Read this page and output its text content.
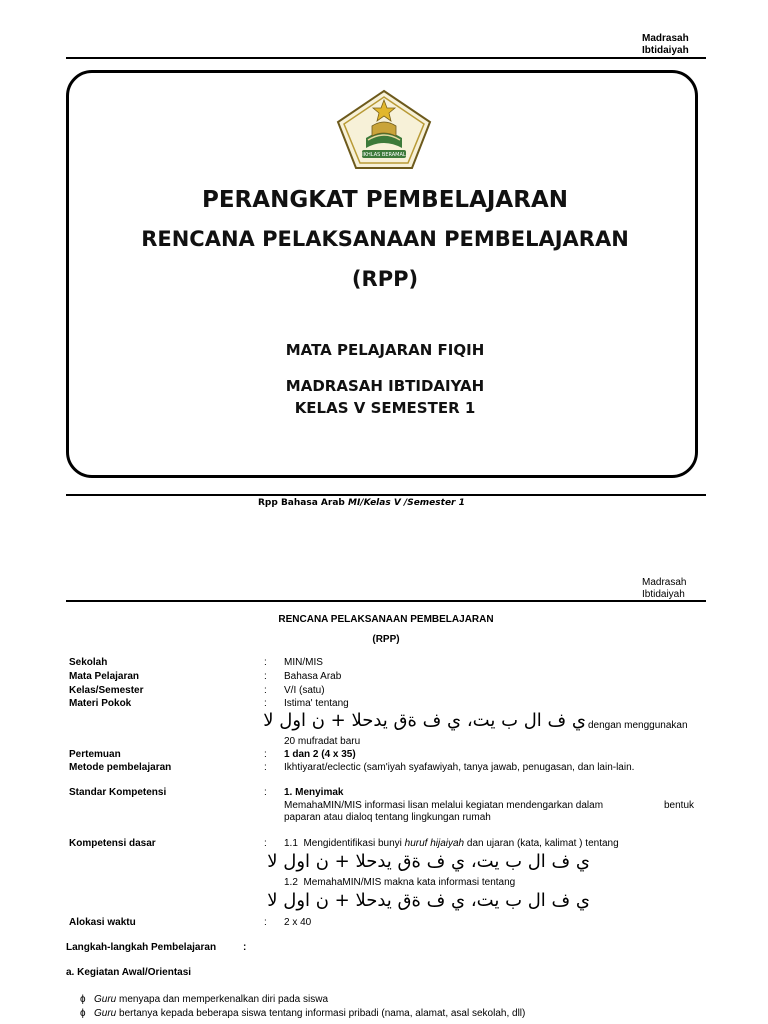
Madrasah
Ibtidaiyah
PERANGKAT PEMBELAJARAN
RENCANA PELAKSANAAN PEMBELAJARAN
(RPP)
MATA PELAJARAN FIQIH
MADRASAH IBTIDAIYAH
KELAS V SEMESTER 1
IKHLAS BERAMAL
Rpp Bahasa Arab MI/Kelas V /Semester 1
Madrasah
Ibtidaiyah
RENCANA PELAKSANAAN PEMBELAJARAN
(RPP)
Sekolah	: MIN/MIS
Mata Pelajaran	: Bahasa Arab
Kelas/Semester	: V/I (satu)
Materi Pokok	: Istima' tentang
ي ف ال ب يت، ي ف ةق يدحلا + ن اول لا dengan menggunakan
20 mufradat baru
Pertemuan	: 1 dan 2 (4 x 35)
Metode pembelajaran	: Ikhtiyarat/eclectic (sam'iyah syafawiyah, tanya jawab, penugasan, dan lain-lain.
Standar Kompetensi	: 1. Menyimak
MemahaMIN/MIS informasi lisan melalui kegiatan mendengarkan dalam	bentuk
paparan atau dialoq tentang lingkungan rumah
Kompetensi dasar	: 1.1 Mengidentifikasi bunyi huruf hijaiyah dan ujaran (kata, kalimat ) tentang
ي ف ال ب يت، ي ف ةق يدحلا + ن اول لا
1.2 MemahaMIN/MIS makna kata informasi tentang
ي ف ال ب يت، ي ف ةق يدحلا + ن اول لا
Alokasi waktu	: 2 x 40
Langkah-langkah Pembelajaran	:
a. Kegiatan Awal/Orientasi
ɸ Guru menyapa dan memperkenalkan diri pada siswa
ɸ Guru bertanya kepada beberapa siswa tentang informasi pribadi (nama, alamat, asal sekolah, dll)
